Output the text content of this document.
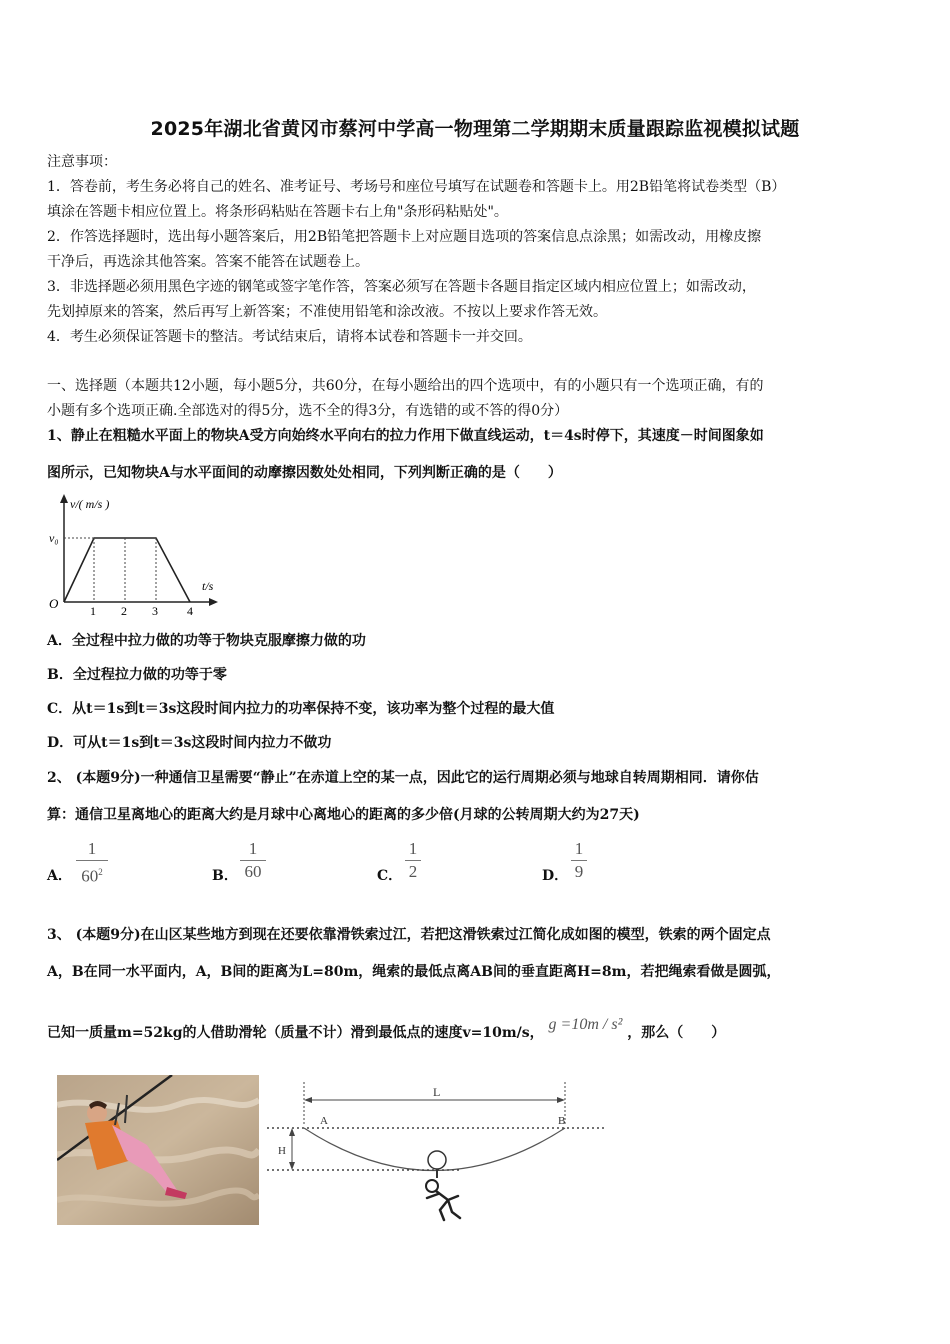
2025年湖北省黄冈市蔡河中学高一物理第二学期期末质量跟踪监视模拟试题
注意事项：
1．答卷前，考生务必将自己的姓名、准考证号、考场号和座位号填写在试题卷和答题卡上。用2B铅笔将试卷类型（B）
填涂在答题卡相应位置上。将条形码粘贴在答题卡右上角"条形码粘贴处"。
2．作答选择题时，选出每小题答案后，用2B铅笔把答题卡上对应题目选项的答案信息点涂黑；如需改动，用橡皮擦
干净后，再选涂其他答案。答案不能答在试题卷上。
3．非选择题必须用黑色字迹的钢笔或签字笔作答，答案必须写在答题卡各题目指定区域内相应位置上；如需改动，
先划掉原来的答案，然后再写上新答案；不准使用铅笔和涂改液。不按以上要求作答无效。
4．考生必须保证答题卡的整洁。考试结束后，请将本试卷和答题卡一并交回。
一、选择题（本题共12小题，每小题5分，共60分，在每小题给出的四个选项中，有的小题只有一个选项正确，有的
小题有多个选项正确.全部选对的得5分，选不全的得3分，有选错的或不答的得0分）
1、静止在粗糙水平面上的物块A受方向始终水平向右的拉力作用下做直线运动，t＝4s时停下，其速度－时间图象如
图所示，已知物块A与水平面间的动摩擦因数处处相同，下列判断正确的是（　　）
v/( m/s )
v₀
O
t/s
1 2 3 4
A．全过程中拉力做的功等于物块克服摩擦力做的功
B．全过程拉力做的功等于零
C．从t＝1s到t＝3s这段时间内拉力的功率保持不变，该功率为整个过程的最大值
D．可从t＝1s到t＝3s这段时间内拉力不做功
2、 (本题9分)一种通信卫星需要“静止”在赤道上空的某一点，因此它的运行周期必须与地球自转周期相同．请你估
算：通信卫星离地心的距离大约是月球中心离地心的距离的多少倍(月球的公转周期大约为27天)
A．
1
$60^2$	B．
1
60	C．
1
2	D．
1
9
3、 (本题9分)在山区某些地方到现在还要依靠滑铁索过江，若把这滑铁索过江简化成如图的模型，铁索的两个固定点
A，B在同一水平面内，A，B间的距离为L=80m，绳索的最低点离AB间的垂直距离H=8m，若把绳索看做是圆弧，
已知一质量m=52kg的人借助滑轮（质量不计）滑到最低点的速度v=10m/s， g =10m / s² ，那么（　　）
L
A	B
H
